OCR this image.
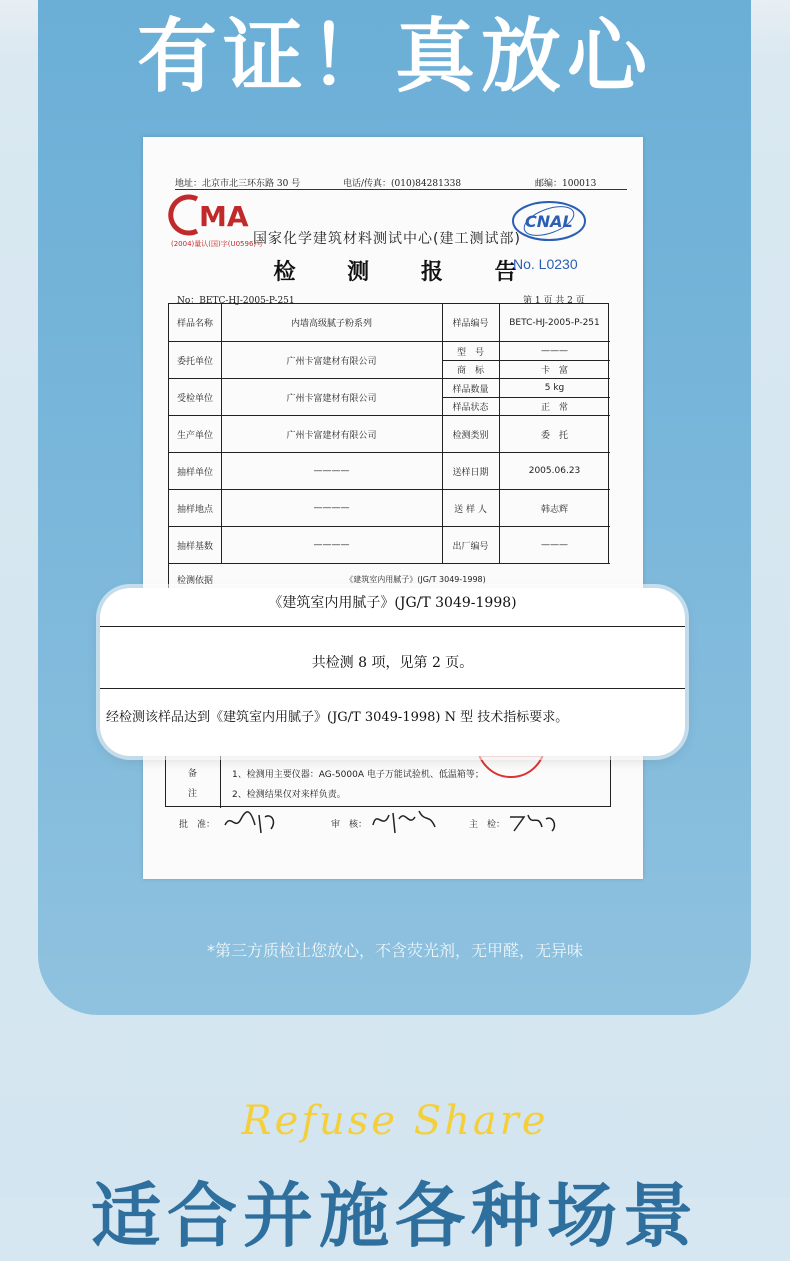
有证！真放心
地址：北京市北三环东路 30 号	电话/传真：(010)84281338	邮编：100013
MA
(2004)量认(国)字(U0596)号
CNAL
国家化学建筑材料测试中心(建工测试部)
检 测 报 告
No. L0230
No：BETC-HJ-2005-P-251	第 1 页 共 2 页
样品名称	内墙高级腻子粉系列	样品编号	BETC-HJ-2005-P-251
委托单位	广州卡富建材有限公司
型　号	———
商　标	卡　富
受检单位	广州卡富建材有限公司
样品数量	5 kg
样品状态	正　常
生产单位	广州卡富建材有限公司	检测类别	委　托
抽样单位	————	送样日期	2005.06.23
抽样地点	————	送 样 人	韩志辉
抽样基数	————	出厂编号	———
检测依据	《建筑室内用腻子》(JG/T 3049-1998)
备
注
1、检测用主要仪器：AG-5000A 电子万能试验机、低温箱等；
2、检测结果仅对来样负责。
批　准：	审　核：	主　检：
《建筑室内用腻子》(JG/T 3049-1998)
共检测 8 项，见第 2 页。
经检测该样品达到《建筑室内用腻子》(JG/T 3049-1998) N 型 技术指标要求。
*第三方质检让您放心，不含荧光剂，无甲醛，无异味
Refuse Share
适合并施各种场景
